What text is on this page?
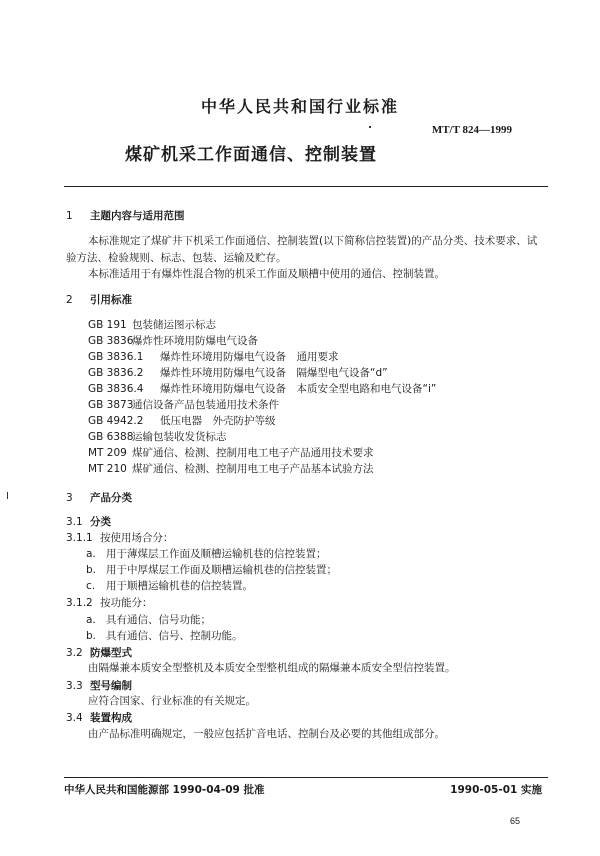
中华人民共和国行业标准
MT/T 824—1999
煤矿机采工作面通信、控制装置
1 主题内容与适用范围
本标准规定了煤矿井下机采工作面通信、控制装置(以下简称信控装置)的产品分类、技术要求、试
验方法、检验规则、标志、包装、运输及贮存。
本标准适用于有爆炸性混合物的机采工作面及顺槽中使用的通信、控制装置。
2 引用标准
GB 191 包装储运图示标志
GB 3836爆炸性环境用防爆电气设备
GB 3836.1 爆炸性环境用防爆电气设备　通用要求
GB 3836.2 爆炸性环境用防爆电气设备　隔爆型电气设备“d”
GB 3836.4 爆炸性环境用防爆电气设备　本质安全型电路和电气设备“i”
GB 3873通信设备产品包装通用技术条件
GB 4942.2 低压电器　外壳防护等级
GB 6388运输包装收发货标志
MT 209 煤矿通信、检测、控制用电工电子产品通用技术要求
MT 210 煤矿通信、检测、控制用电工电子产品基本试验方法
3 产品分类
3.1 分类
3.1.1 按使用场合分：
a. 用于薄煤层工作面及顺槽运输机巷的信控装置；
b. 用于中厚煤层工作面及顺槽运输机巷的信控装置；
c. 用于顺槽运输机巷的信控装置。
3.1.2 按功能分：
a. 具有通信、信号功能；
b. 具有通信、信号、控制功能。
3.2 防爆型式
由隔爆兼本质安全型整机及本质安全型整机组成的隔爆兼本质安全型信控装置。
3.3 型号编制
应符合国家、行业标准的有关规定。
3.4 装置构成
由产品标准明确规定，一般应包括扩音电话、控制台及必要的其他组成部分。
中华人民共和国能源部 1990-04-09 批准	1990-05-01 实施
65
